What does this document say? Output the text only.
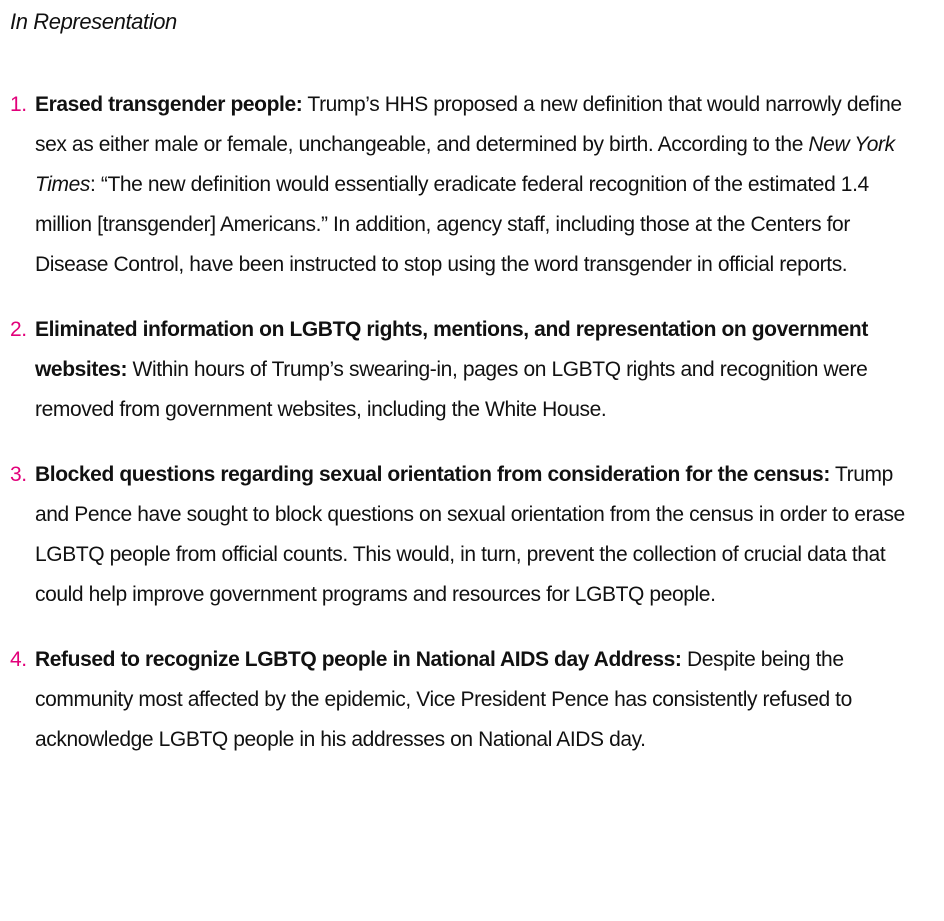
In Representation
1. Erased transgender people: Trump’s HHS proposed a new definition that would narrowly define sex as either male or female, unchangeable, and determined by birth. According to the New York Times: “The new definition would essentially eradicate federal recognition of the estimated 1.4 million [transgender] Americans.” In addition, agency staff, including those at the Centers for Disease Control, have been instructed to stop using the word transgender in official reports.
2. Eliminated information on LGBTQ rights, mentions, and representation on government websites: Within hours of Trump’s swearing-in, pages on LGBTQ rights and recognition were removed from government websites, including the White House.
3. Blocked questions regarding sexual orientation from consideration for the census: Trump and Pence have sought to block questions on sexual orientation from the census in order to erase LGBTQ people from official counts. This would, in turn, prevent the collection of crucial data that could help improve government programs and resources for LGBTQ people.
4. Refused to recognize LGBTQ people in National AIDS day Address: Despite being the community most affected by the epidemic, Vice President Pence has consistently refused to acknowledge LGBTQ people in his addresses on National AIDS day.
